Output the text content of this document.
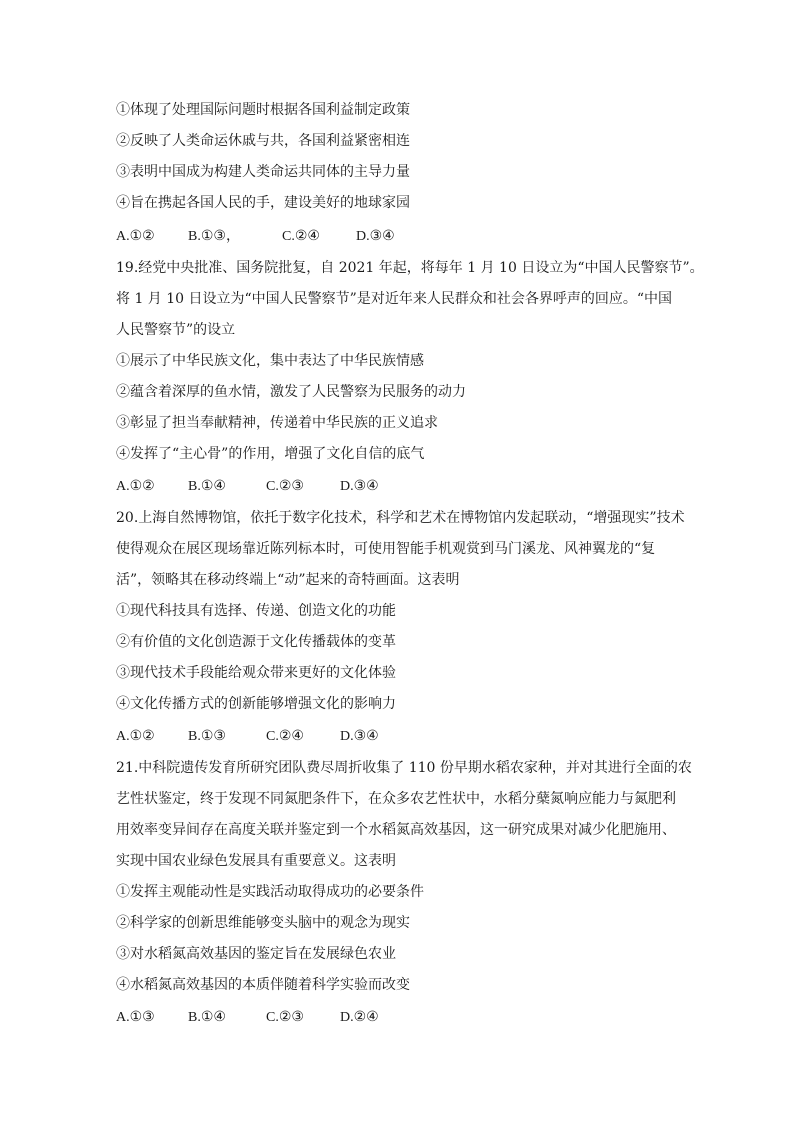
①体现了处理国际问题时根据各国利益制定政策
②反映了人类命运休戚与共，各国利益紧密相连
③表明中国成为构建人类命运共同体的主导力量
④旨在携起各国人民的手，建设美好的地球家园
A.①② B.①③，	C.②④	D.③④
19.经党中央批准、国务院批复，自 2021 年起，将每年 1 月 10 日设立为“中国人民警察节”。
将 1 月 10 日设立为“中国人民警察节”是对近年来人民群众和社会各界呼声的回应。“中国
人民警察节”的设立
①展示了中华民族文化，集中表达了中华民族情感
②蕴含着深厚的鱼水情，激发了人民警察为民服务的动力
③彰显了担当奉献精神，传递着中华民族的正义追求
④发挥了“主心骨”的作用，增强了文化自信的底气
A.①② B.①④	C.②③	D.③④
20.上海自然博物馆，依托于数字化技术，科学和艺术在博物馆内发起联动，“增强现实”技术
使得观众在展区现场靠近陈列标本时，可使用智能手机观赏到马门溪龙、风神翼龙的“复
活”，领略其在移动终端上“动”起来的奇特画面。这表明
①现代科技具有选择、传递、创造文化的功能
②有价值的文化创造源于文化传播载体的变革
③现代技术手段能给观众带来更好的文化体验
④文化传播方式的创新能够增强文化的影响力
A.①② B.①③	C.②④	D.③④
21.中科院遗传发育所研究团队费尽周折收集了 110 份早期水稻农家种，并对其进行全面的农
艺性状鉴定，终于发现不同氮肥条件下，在众多农艺性状中，水稻分蘖氮响应能力与氮肥利
用效率变异间存在高度关联并鉴定到一个水稻氮高效基因，这一研究成果对减少化肥施用、
实现中国农业绿色发展具有重要意义。这表明
①发挥主观能动性是实践活动取得成功的必要条件
②科学家的创新思维能够变头脑中的观念为现实
③对水稻氮高效基因的鉴定旨在发展绿色农业
④水稻氮高效基因的本质伴随着科学实验而改变
A.①③ B.①④	C.②③	D.②④
